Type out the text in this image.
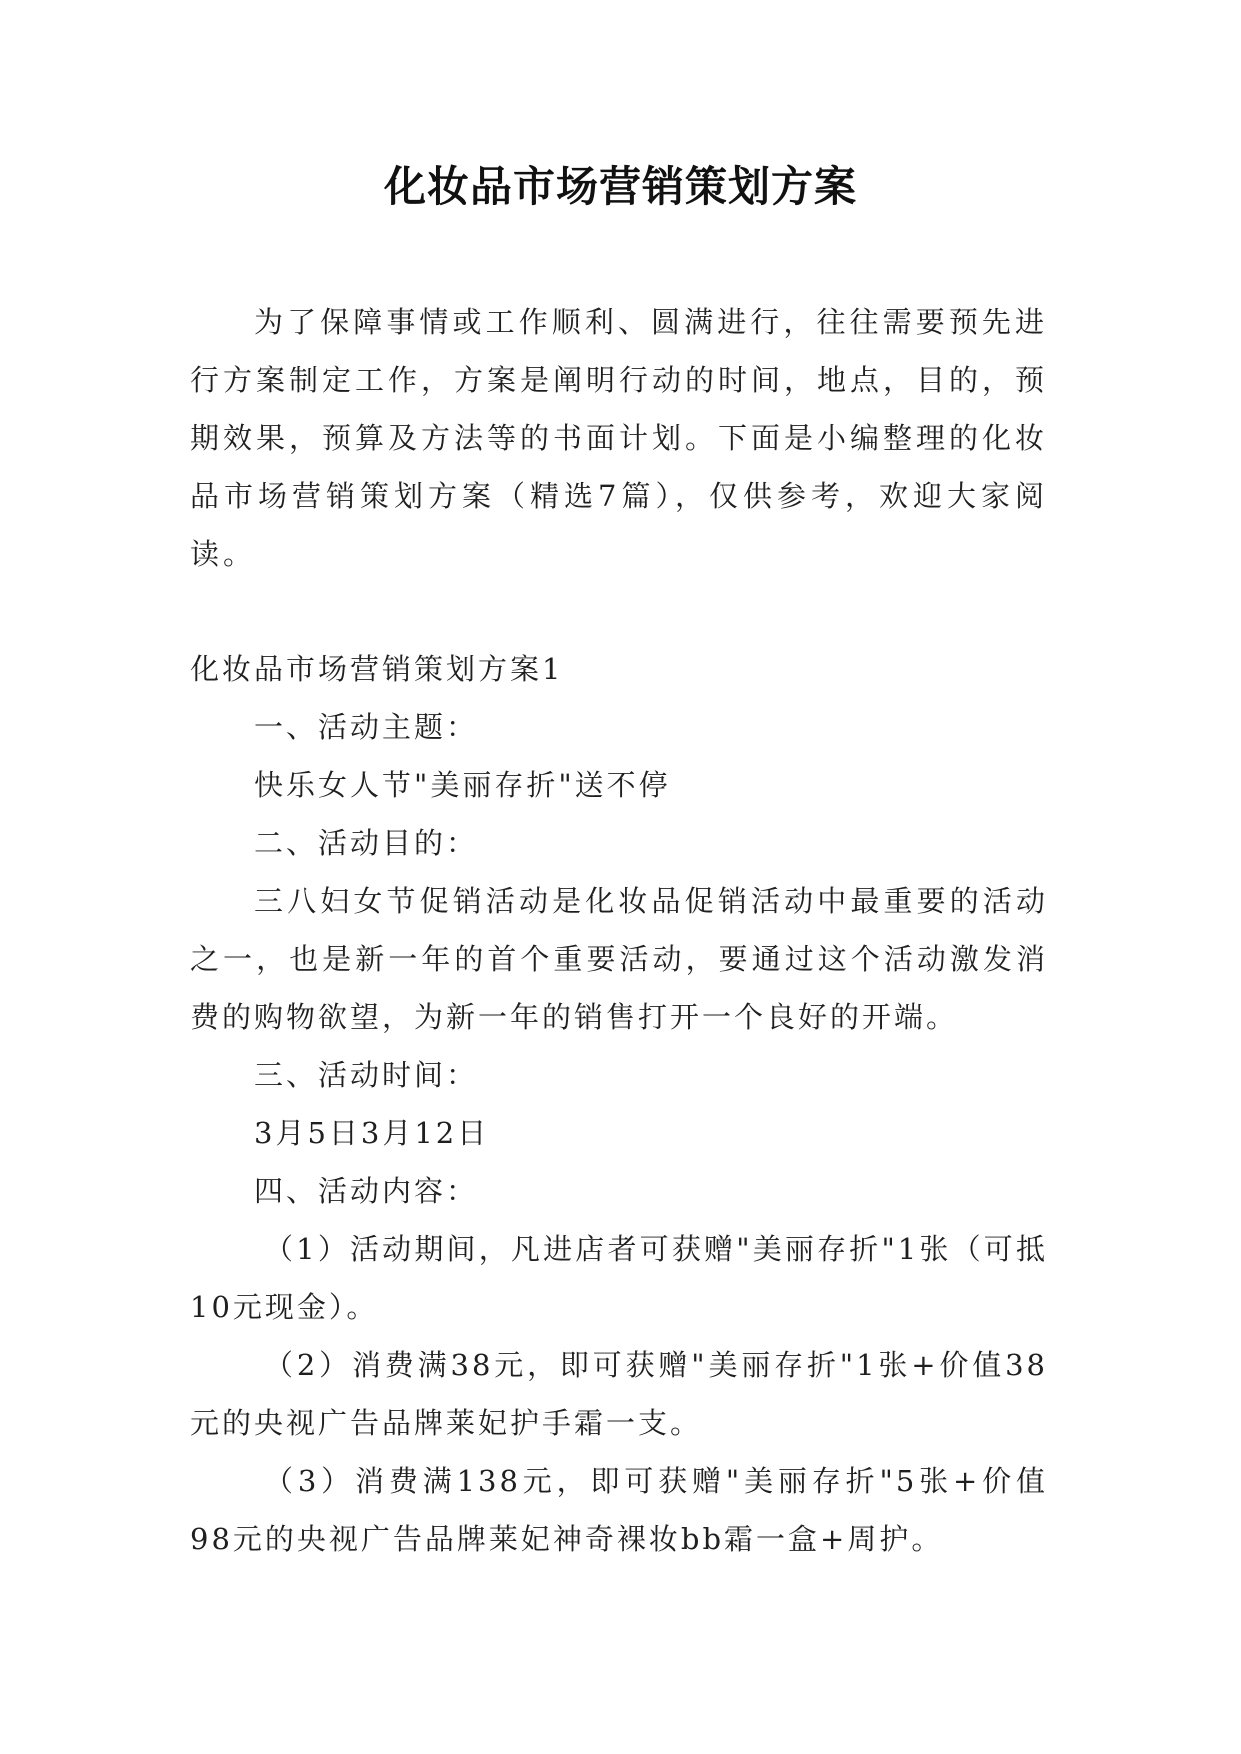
化妆品市场营销策划方案

为了保障事情或工作顺利、圆满进行，往往需要预先进行方案制定工作，方案是阐明行动的时间，地点，目的，预期效果，预算及方法等的书面计划。下面是小编整理的化妆品市场营销策划方案（精选7篇），仅供参考，欢迎大家阅读。

化妆品市场营销策划方案1

一、活动主题：

快乐女人节"美丽存折"送不停

二、活动目的：

三八妇女节促销活动是化妆品促销活动中最重要的活动之一，也是新一年的首个重要活动，要通过这个活动激发消费的购物欲望，为新一年的销售打开一个良好的开端。

三、活动时间：

3月5日3月12日

四、活动内容：

（1）活动期间，凡进店者可获赠"美丽存折"1张（可抵10元现金）。

（2）消费满38元，即可获赠"美丽存折"1张+价值38元的央视广告品牌莱妃护手霜一支。

（3）消费满138元，即可获赠"美丽存折"5张+价值98元的央视广告品牌莱妃神奇裸妆bb霜一盒+周护。
